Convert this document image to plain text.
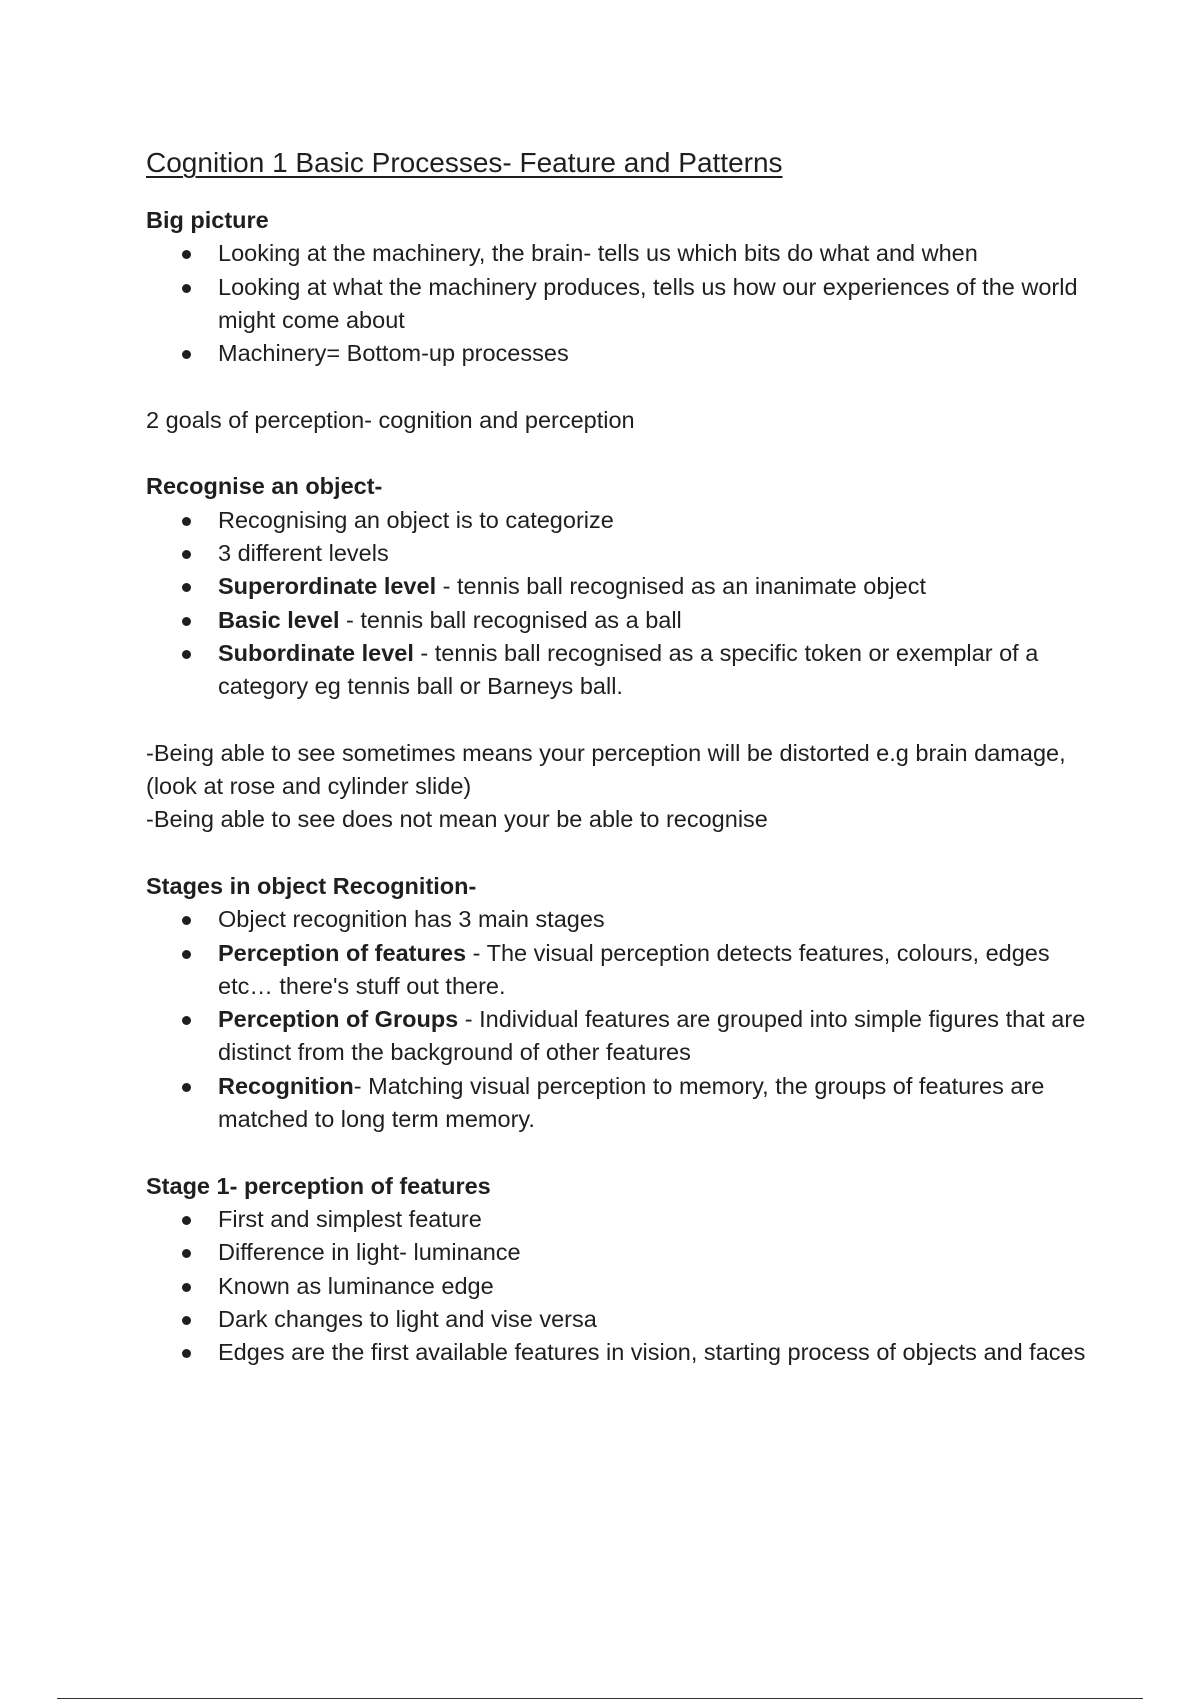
Cognition 1 Basic Processes- Feature and Patterns

Big picture

Looking at the machinery, the brain- tells us which bits do what and when
Looking at what the machinery produces, tells us how our experiences of the world might come about
Machinery= Bottom-up processes

2 goals of perception- cognition and perception

Recognise an object-

Recognising an object is to categorize
3 different levels
Superordinate level - tennis ball recognised as an inanimate object
Basic level - tennis ball recognised as a ball
Subordinate level - tennis ball recognised as a specific token or exemplar of a category eg tennis ball or Barneys ball.

-Being able to see sometimes means your perception will be distorted e.g brain damage, (look at rose and cylinder slide)

-Being able to see does not mean your be able to recognise

Stages in object Recognition-

Object recognition has 3 main stages
Perception of features - The visual perception detects features, colours, edges etc… there's stuff out there.
Perception of Groups - Individual features are grouped into simple figures that are distinct from the background of other features
Recognition- Matching visual perception to memory, the groups of features are matched to long term memory.

Stage 1- perception of features

First and simplest feature
Difference in light- luminance
Known as luminance edge
Dark changes to light and vise versa
Edges are the first available features in vision, starting process of objects and faces
